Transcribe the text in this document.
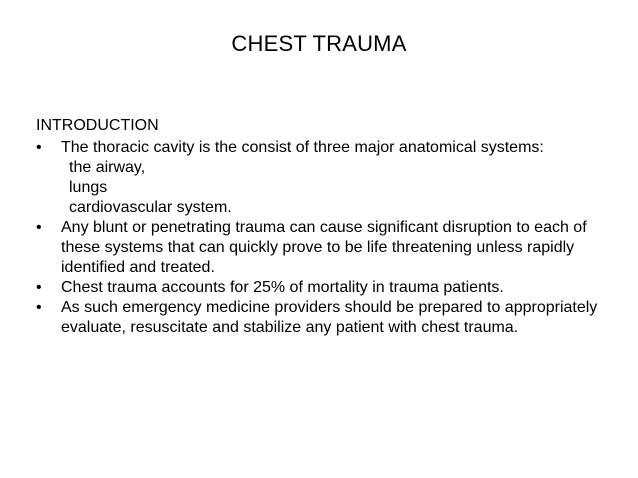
CHEST TRAUMA
INTRODUCTION
•	The thoracic cavity is the consist of three major anatomical systems:
the airway,
lungs
cardiovascular system.
•	Any blunt or penetrating trauma can cause significant disruption to each of these systems that can quickly prove to be life threatening unless rapidly identified and treated.
•	Chest trauma accounts for 25% of mortality in trauma patients.
•	As such emergency medicine providers should be prepared to appropriately evaluate, resuscitate and stabilize any patient with chest trauma.
